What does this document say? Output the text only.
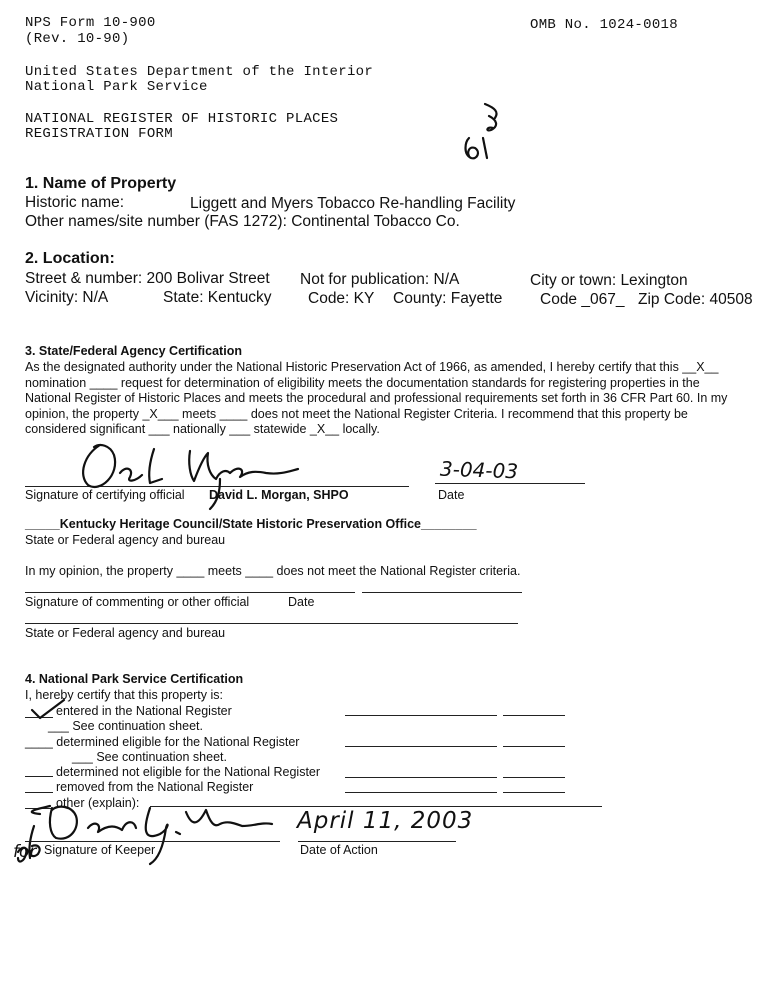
NPS Form 10-900
(Rev. 10-90)
OMB No. 1024-0018
United States Department of the Interior
National Park Service
NATIONAL REGISTER OF HISTORIC PLACES
REGISTRATION FORM
1. Name of Property
Historic name:	Liggett and Myers Tobacco Re-handling Facility
Other names/site number (FAS 1272): Continental Tobacco Co.
2. Location:
Street & number: 200 Bolivar Street Not for publication: N/A	City or town: Lexington
Vicinity: N/A	State: Kentucky Code: KY County: Fayette Code _067_ Zip Code: 40508
3. State/Federal Agency Certification
As the designated authority under the National Historic Preservation Act of 1966, as amended, I hereby certify that this __X__ nomination ____ request for determination of eligibility meets the documentation standards for registering properties in the National Register of Historic Places and meets the procedural and professional requirements set forth in 36 CFR Part 60. In my opinion, the property _X___ meets ____ does not meet the National Register Criteria. I recommend that this property be considered significant ___ nationally ___ statewide _X__ locally.
Signature of certifying official David L. Morgan, SHPO
3-04-03
Date
_____Kentucky Heritage Council/State Historic Preservation Office________
State or Federal agency and bureau
In my opinion, the property ____ meets ____ does not meet the National Register criteria.
Signature of commenting or other official	Date
State or Federal agency and bureau
4. National Park Service Certification
I, hereby certify that this property is:
entered in the National Register
___ See continuation sheet.
____ determined eligible for the National Register
___ See continuation sheet.
determined not eligible for the National Register
removed from the National Register
other (explain):
April 11, 2003
Signature of Keeper	Date of Action
for
